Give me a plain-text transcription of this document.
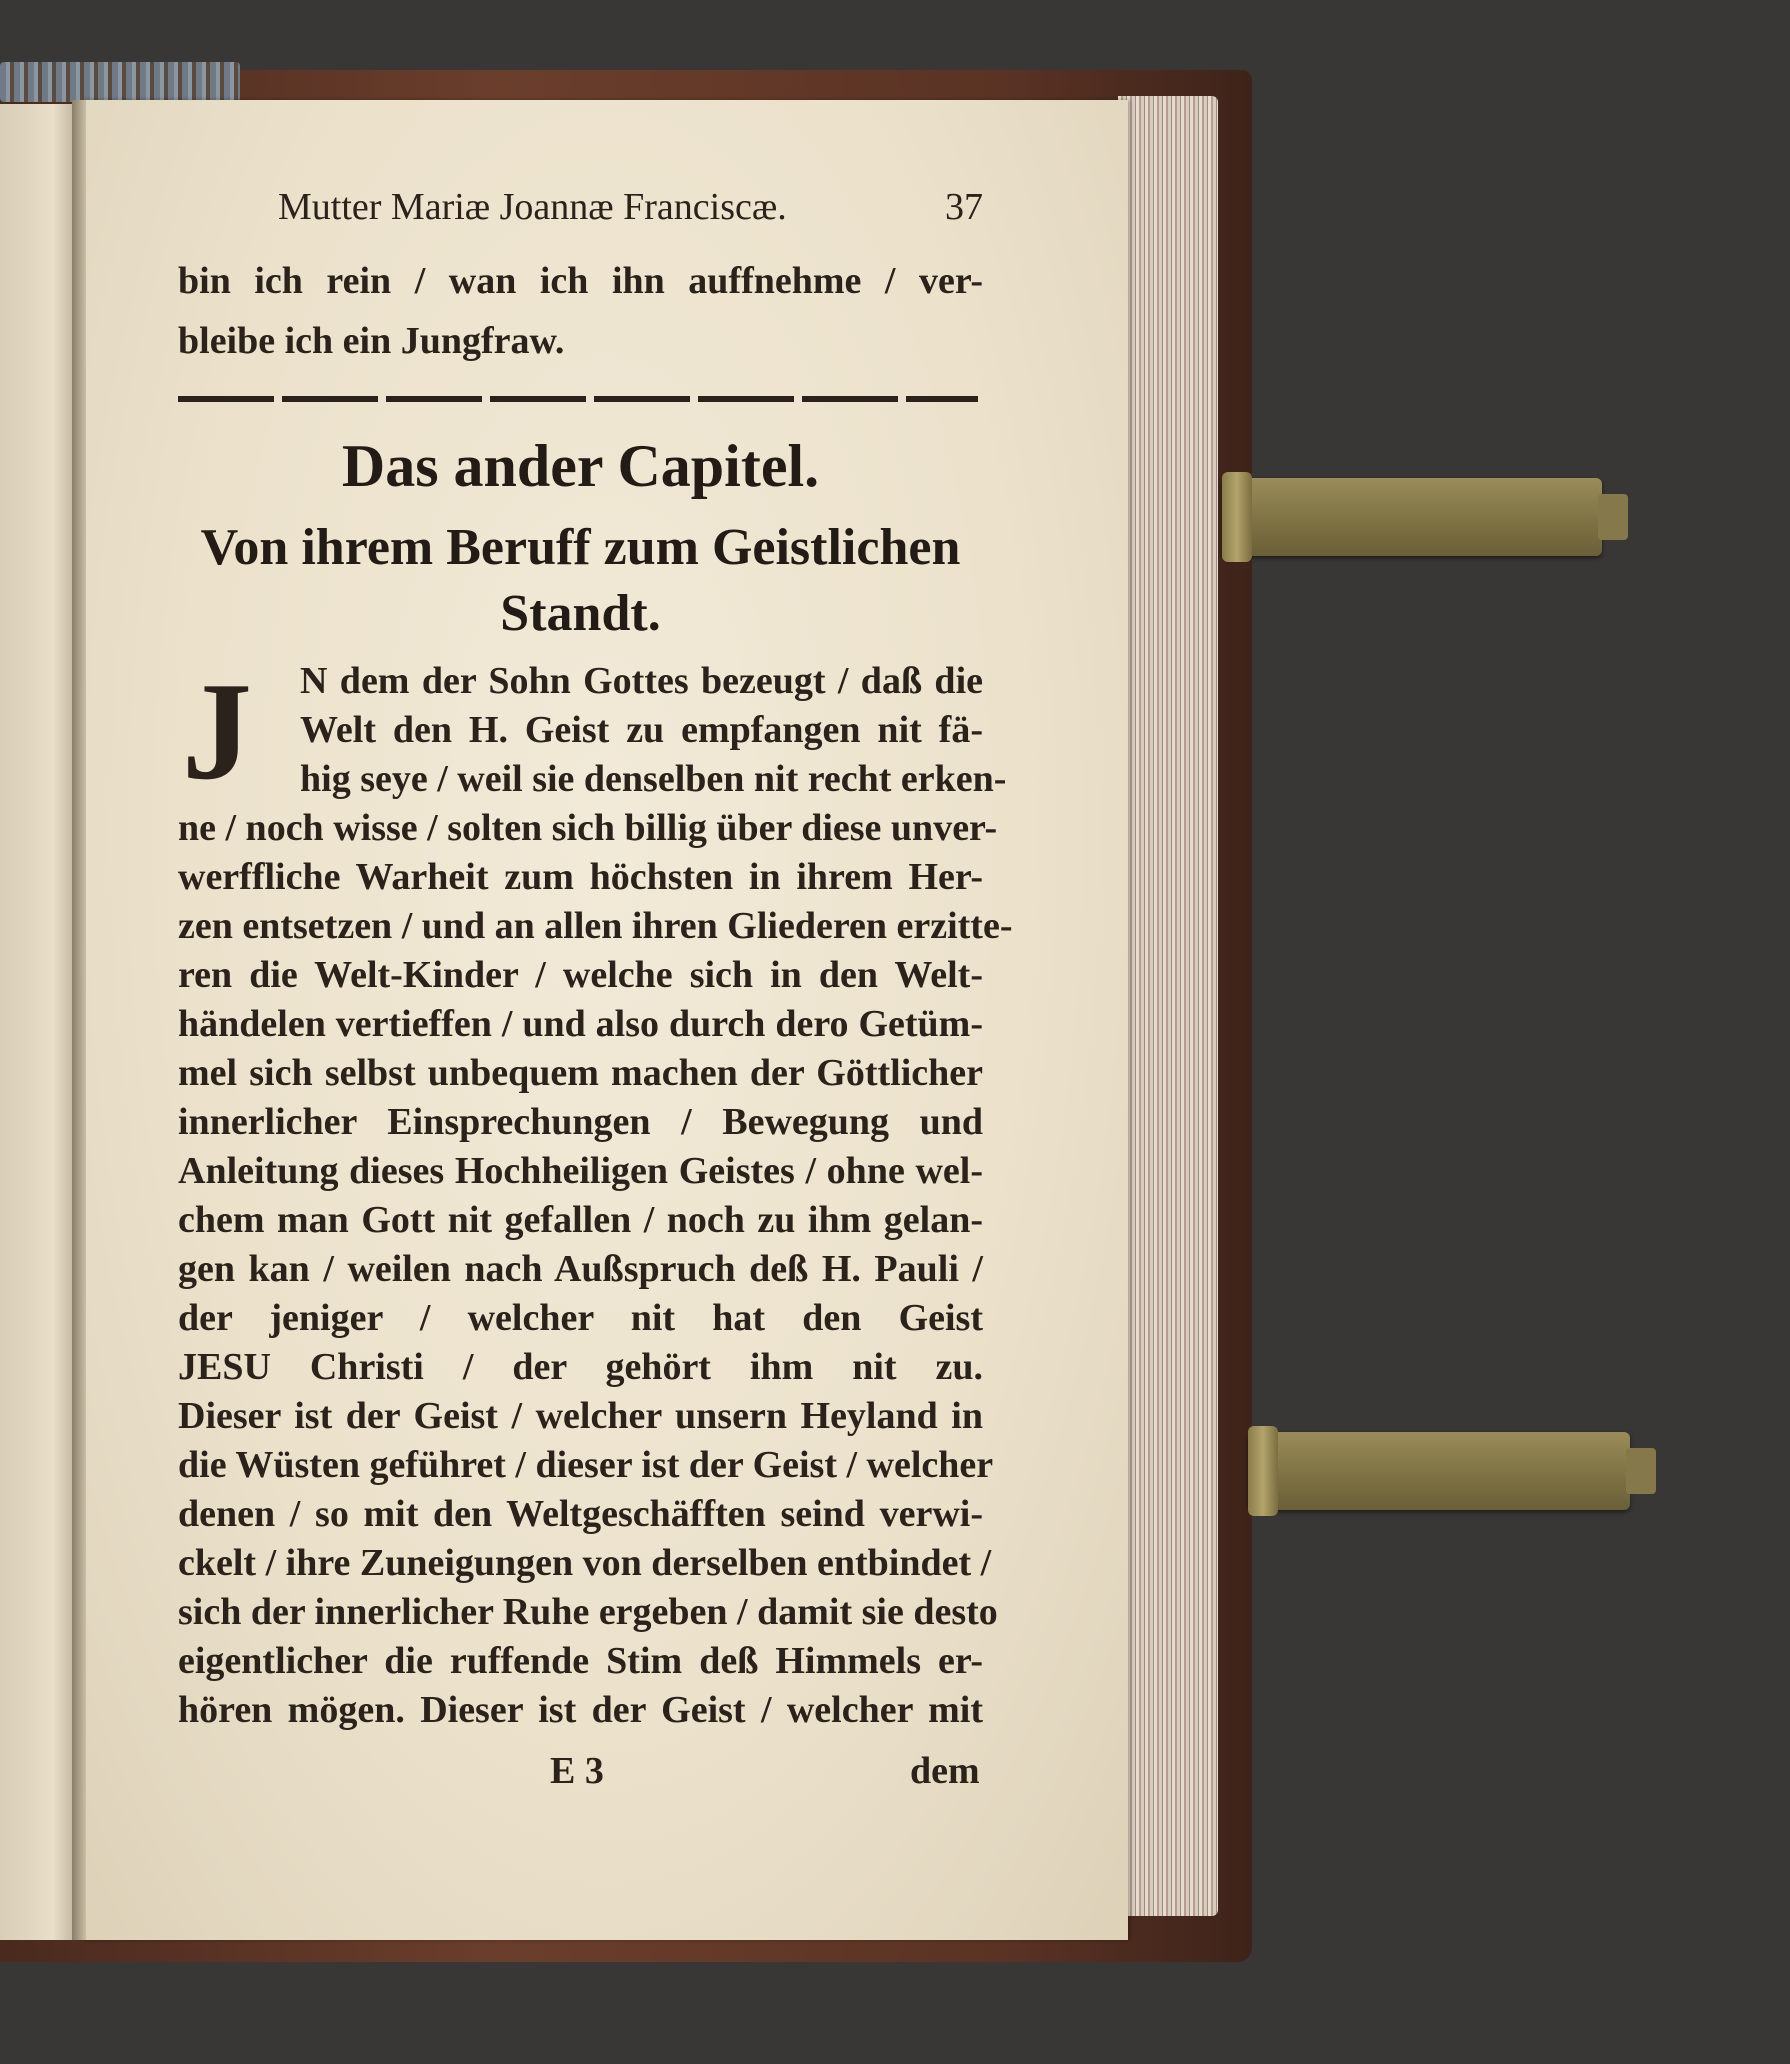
Mutter Mariæ Joannæ Franciscæ.	37
bin ich rein / wan ich ihn auffnehme / ver-
bleibe ich ein Jungfraw.
Das ander Capitel.
Von ihrem Beruff zum Geistlichen
Standt.
J N dem der Sohn Gottes bezeugt / daß die
Welt den H. Geist zu empfangen nit fä-
hig seye / weil sie denselben nit recht erken-
ne / noch wisse / solten sich billig über diese unver-
werffliche Warheit zum höchsten in ihrem Her-
zen entsetzen / und an allen ihren Gliederen erzitte-
ren die Welt-Kinder / welche sich in den Welt-
händelen vertieffen / und also durch dero Getüm-
mel sich selbst unbequem machen der Göttlicher
innerlicher Einsprechungen / Bewegung und
Anleitung dieses Hochheiligen Geistes / ohne wel-
chem man Gott nit gefallen / noch zu ihm gelan-
gen kan / weilen nach Außspruch deß H. Pauli /
der jeniger / welcher nit hat den Geist
JESU Christi / der gehört ihm nit zu.
Dieser ist der Geist / welcher unsern Heyland in
die Wüsten geführet / dieser ist der Geist / welcher
denen / so mit den Weltgeschäfften seind verwi-
ckelt / ihre Zuneigungen von derselben entbindet /
sich der innerlicher Ruhe ergeben / damit sie desto
eigentlicher die ruffende Stim deß Himmels er-
hören mögen. Dieser ist der Geist / welcher mit
E 3	dem
